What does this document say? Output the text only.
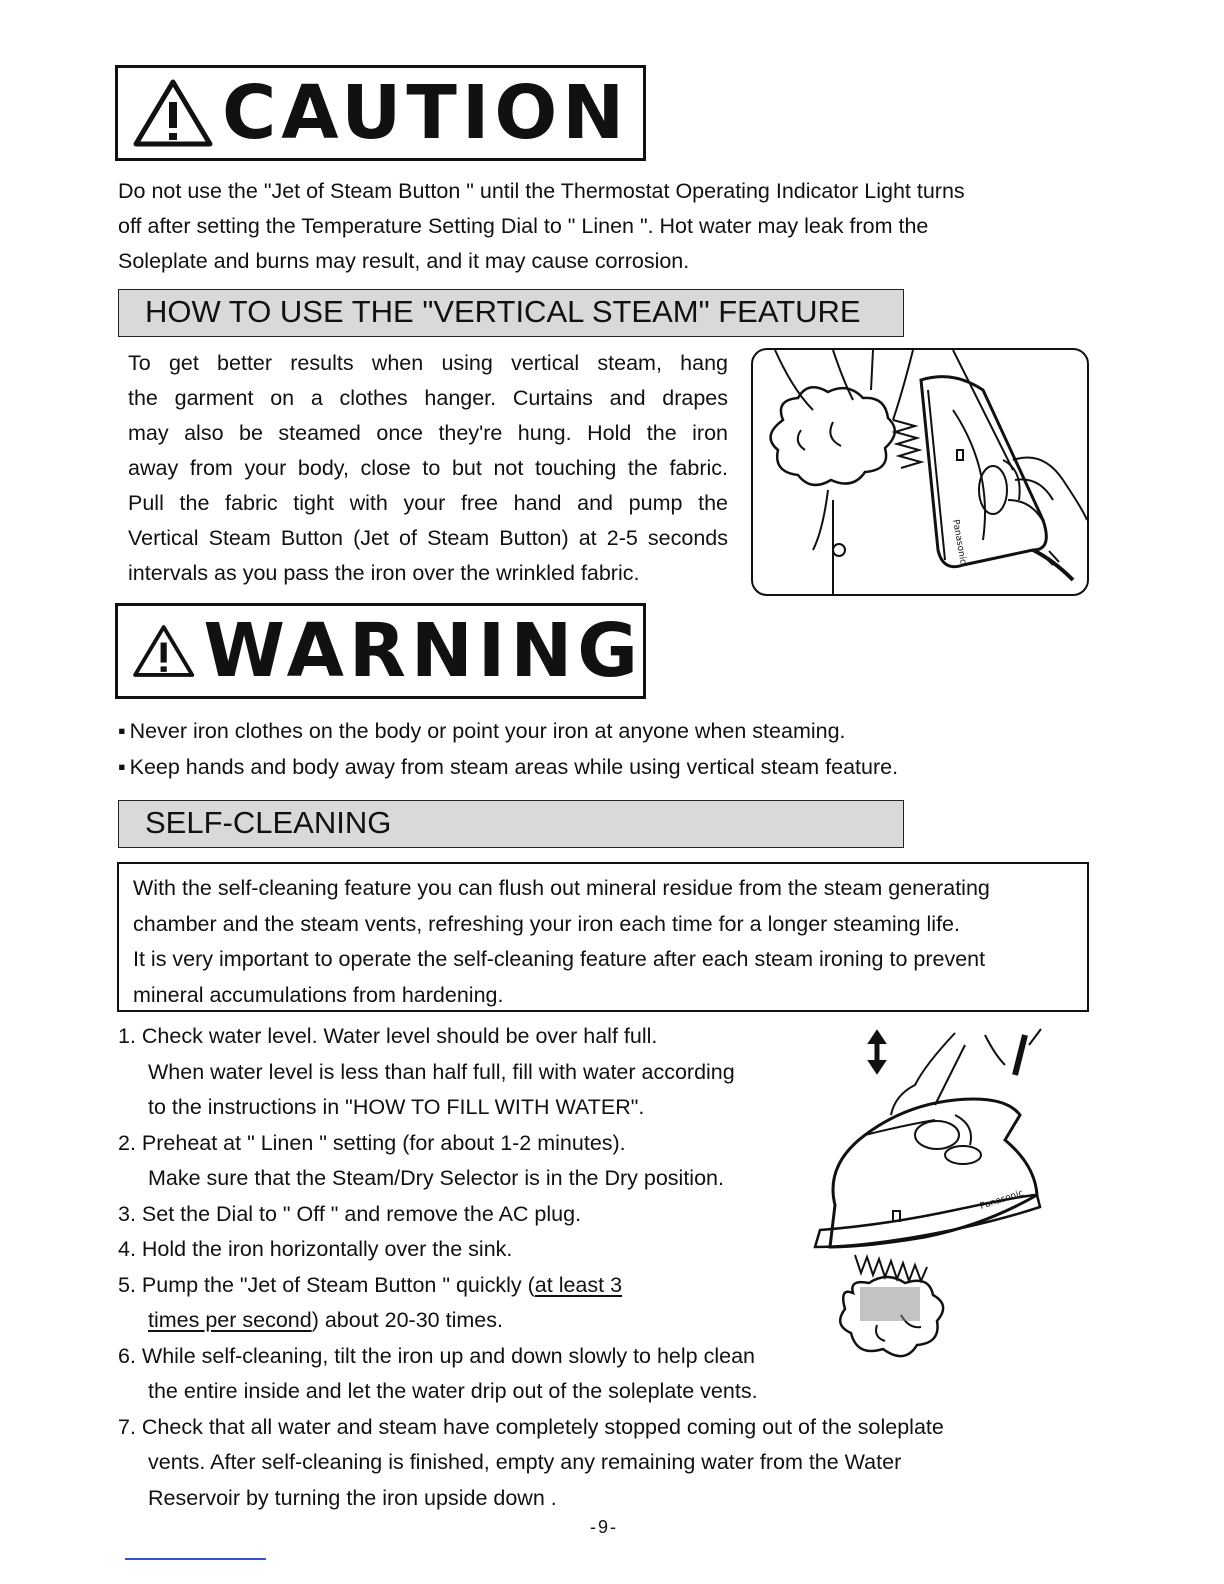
CAUTION

Do not use the "Jet of Steam Button " until the Thermostat Operating Indicator Light turns

off after setting the Temperature Setting Dial to " Linen ". Hot water may leak from the

Soleplate and burns may result, and it may cause corrosion.

HOW TO USE THE "VERTICAL STEAM" FEATURE

To get better results when using vertical steam, hang

the garment on a clothes hanger. Curtains and drapes

may also be steamed once they're hung. Hold the iron

away from your body, close to but not touching the fabric.

Pull the fabric tight with your free hand and pump the

Vertical Steam Button (Jet of Steam Button) at 2-5 seconds

intervals as you pass the iron over the wrinkled fabric.

Panasonic
WARNING

▪ Never iron clothes on the body or point your iron at anyone when steaming.

▪ Keep hands and body away from steam areas while using vertical steam feature.

SELF-CLEANING

With the self-cleaning feature you can flush out mineral residue from the steam generating

chamber and the steam vents, refreshing your iron each time for a longer steaming life.

It is very important to operate the self-cleaning feature after each steam ironing to prevent

mineral accumulations from hardening.

1. Check water level. Water level should be over half full.

When water level is less than half full, fill with water according

to the instructions in "HOW TO FILL WITH WATER".

2. Preheat at " Linen " setting (for about 1-2 minutes).

Make sure that the Steam/Dry Selector is in the Dry position.

3. Set the Dial to " Off " and remove the AC plug.

4. Hold the iron horizontally over the sink.

5. Pump the "Jet of Steam Button " quickly (at least 3

times per second) about 20-30 times.

6. While self-cleaning, tilt the iron up and down slowly to help clean

the entire inside and let the water drip out of the soleplate vents.

7. Check that all water and steam have completely stopped coming out of the soleplate

vents. After self-cleaning is finished, empty any remaining water from the Water

Reservoir by turning the iron upside down .

Panasonic
-9-
